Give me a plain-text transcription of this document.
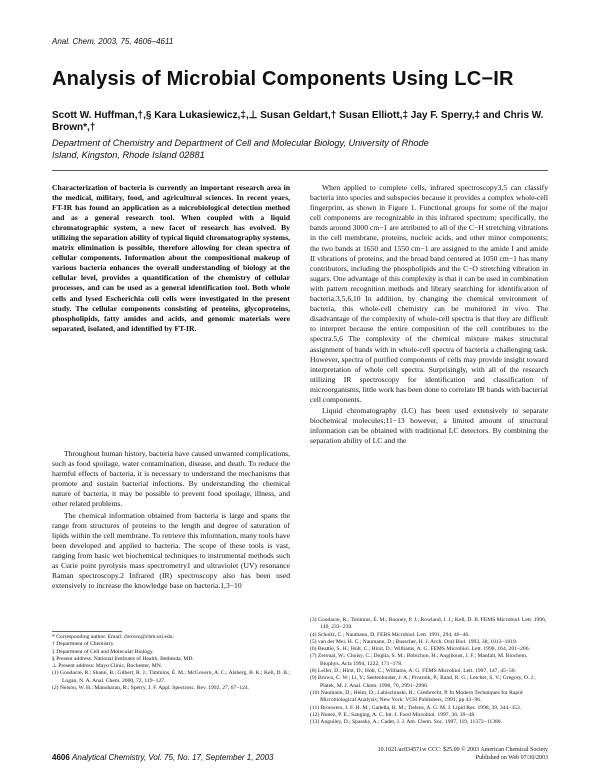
Anal. Chem. 2003, 75, 4606–4611
Analysis of Microbial Components Using LC−IR
Scott W. Huffman,†,§ Kara Lukasiewicz,‡,⊥ Susan Geldart,† Susan Elliott,‡ Jay F. Sperry,‡ and Chris W. Brown*,†
Department of Chemistry and Department of Cell and Molecular Biology, University of Rhode Island, Kingston, Rhode Island 02881
Characterization of bacteria is currently an important research area in the medical, military, food, and agricultural sciences. In recent years, FT-IR has found an application as a microbiological detection method and as a general research tool. When coupled with a liquid chromatographic system, a new facet of research has evolved. By utilizing the separation ability of typical liquid chromatography systems, matrix elimination is possible, therefore allowing for clean spectra of cellular components. Information about the compositional makeup of various bacteria enhances the overall understanding of biology at the cellular level, provides a quantification of the chemistry of cellular processes, and can be used as a general identification tool. Both whole cells and lysed Escherichia coli cells were investigated in the present study. The cellular components consisting of proteins, glycoproteins, phospholipids, fatty amides and acids, and genomic materials were separated, isolated, and identified by FT-IR.

Throughout human history, bacteria have caused unwanted complications, such as food spoilage, water contamination, disease, and death. To reduce the harmful effects of bacteria, it is necessary to understand the mechanisms that promote and sustain bacterial infections. By understanding the chemical nature of bacteria, it may be possible to prevent food spoilage, illness, and other related problems.

The chemical information obtained from bacteria is large and spans the range from structures of proteins to the length and degree of saturation of lipids within the cell membrane. To retrieve this information, many tools have been developed and applied to bacteria. The scope of these tools is vast, ranging from basic wet biochemical techniques to instrumental methods such as Curie point pyrolysis mass spectrometry1 and ultraviolet (UV) resonance Raman spectroscopy.2 Infrared (IR) spectroscopy also has been used extensively to increase the knowledge base on bacteria.1,3−10

When applied to complete cells, infrared spectroscopy3,5 can classify bacteria into species and subspecies because it provides a complex whole-cell fingerprint, as shown in Figure 1. Functional groups for some of the major cell components are recognizable in this infrared spectrum; specifically, the bands around 3000 cm−1 are attributed to all of the C−H stretching vibrations in the cell membrane, proteins, nucleic acids, and other minor components; the two bands at 1650 and 1550 cm−1 are assigned to the amide I and amide II vibrations of proteins, and the broad band centered at 1050 cm−1 has many contributors, including the phospholipids and the C−O stretching vibration in sugars. One advantage of this complexity is that it can be used in combination with pattern recognition methods and library searching for identification of bacteria.3,5,6,10 In addition, by changing the chemical environment of bacteria, this whole-cell chemistry can be monitored in vivo. The disadvantage of the complexity of whole-cell spectra is that they are difficult to interpret because the entire composition of the cell contributes to the spectra.5,6 The complexity of the chemical mixture makes structural assignment of bands with in whole-cell spectra of bacteria a challenging task. However, spectra of purified components of cells may provide insight toward interpretation of whole cell spectra. Surprisingly, with all of the research utilizing IR spectroscopy for identification and classification of microorganisms, little work has been done to correlate IR bands with bacterial cell components.

Liquid chromatography (LC) has been used extensively to separate biochemical molecules;11−13 however, a limited amount of structural information can be obtained with traditional LC detectors. By combining the separation ability of LC and the

* Corresponding author. Email: cbrown@chm.uri.edu.
† Department of Chemistry.
‡ Department of Cell and Molecular Biology.
§ Present address: National Institutes of Health, Bethesda, MD.
⊥ Present address: Mayo Clinic, Rochester, MN.
(1) Goodacre, R.; Shann, B.; Gilbert, R. J.; Timmins, É. M.; McGovern, A. C.; Alsberg, B. K.; Kell, D. B.; Logan, N. A. Anal. Chem. 2000, 72, 119−127.
(2) Nelson, W. H.; Manoharan, R.; Sperry, J. F. Appl. Spectrosc. Rev. 1992, 27, 67−124.
(3) Goodacre, R.; Timmins, É. M.; Rooney, P. J.; Rowland, J. J.; Kell, D. B. FEMS Microbiol. Lett. 1996, 140, 233−239.
(4) Schultz, C.; Naumann, D. FEBS Microbiol. Lett. 1991, 294, 46−46.
(5) van der Mei, H. C.; Naumann, D.; Busscher, H. J. Arch. Oral Biol. 1993, 38, 1013−1019.
(6) Beattie, S. H.; Holt, C.; Hirst, D.; Williams, A. G. FEMS Microbiol. Lett. 1998, 164, 201−206.
(7) Zeroual, W.; Choisy, C.; Doglia, S. M.; Bobichon, H.; Angiboust, J. F.; Manfait, M. Biochem. Biophys. Acta 1994, 1222, 171−178.
(8) Leifer, D.; Hirst, D.; Holt, C.; Williams, A. G. FEMS Microbiol. Lett. 1997, 147, 45−50.
(9) Brown, C. W.; Li, Y.; Seelenbinder, J. A.; Pivarnik, P.; Rand, R. G.; Letcher, S. V.; Gregory, O. J.; Platek, M. J. Anal. Chem. 1998, 70, 2991−2996.
(10) Naumann, D.; Helm, D.; Labischinski, H.; Giesbrecht, P. In Modern Techniques for Rapid Microbiological Analysis; New York: VCH Publishers, 1991; pp 43−96.
(11) Brouwers, J. F. H. M.; Gadella, B. M.; Tielens, A. G. M. J. Lipid Res. 1998, 39, 344−353.
(12) Nunez, P. E.; Sanging, A. C. Int. J. Food Microbiol. 1997, 36, 39−48.
(13) Anguiley, D.; Spassky, A.; Cadet, J. J. Am. Chem. Soc. 1997, 119, 11373−11380.
4606 Analytical Chemistry, Vol. 75, No. 17, September 1, 2003
10.1021/ac034571w CCC: $25.00 © 2003 American Chemical Society
Published on Web 07/30/2003
